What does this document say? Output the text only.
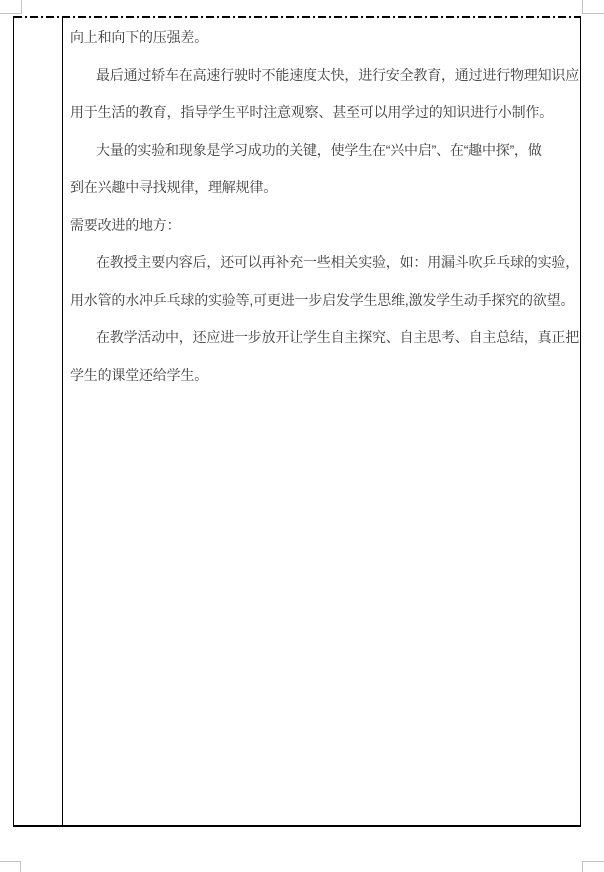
向上和向下的压强差。
最后通过轿车在高速行驶时不能速度太快，进行安全教育，通过进行物理知识应
用于生活的教育，指导学生平时注意观察、甚至可以用学过的知识进行小制作。
大量的实验和现象是学习成功的关键，使学生在“兴中启”、在“趣中探”，做
到在兴趣中寻找规律，理解规律。
需要改进的地方：
在教授主要内容后，还可以再补充一些相关实验，如：用漏斗吹乒乓球的实验，
用水管的水冲乒乓球的实验等,可更进一步启发学生思维,激发学生动手探究的欲望。
在教学活动中，还应进一步放开让学生自主探究、自主思考、自主总结，真正把
学生的课堂还给学生。
